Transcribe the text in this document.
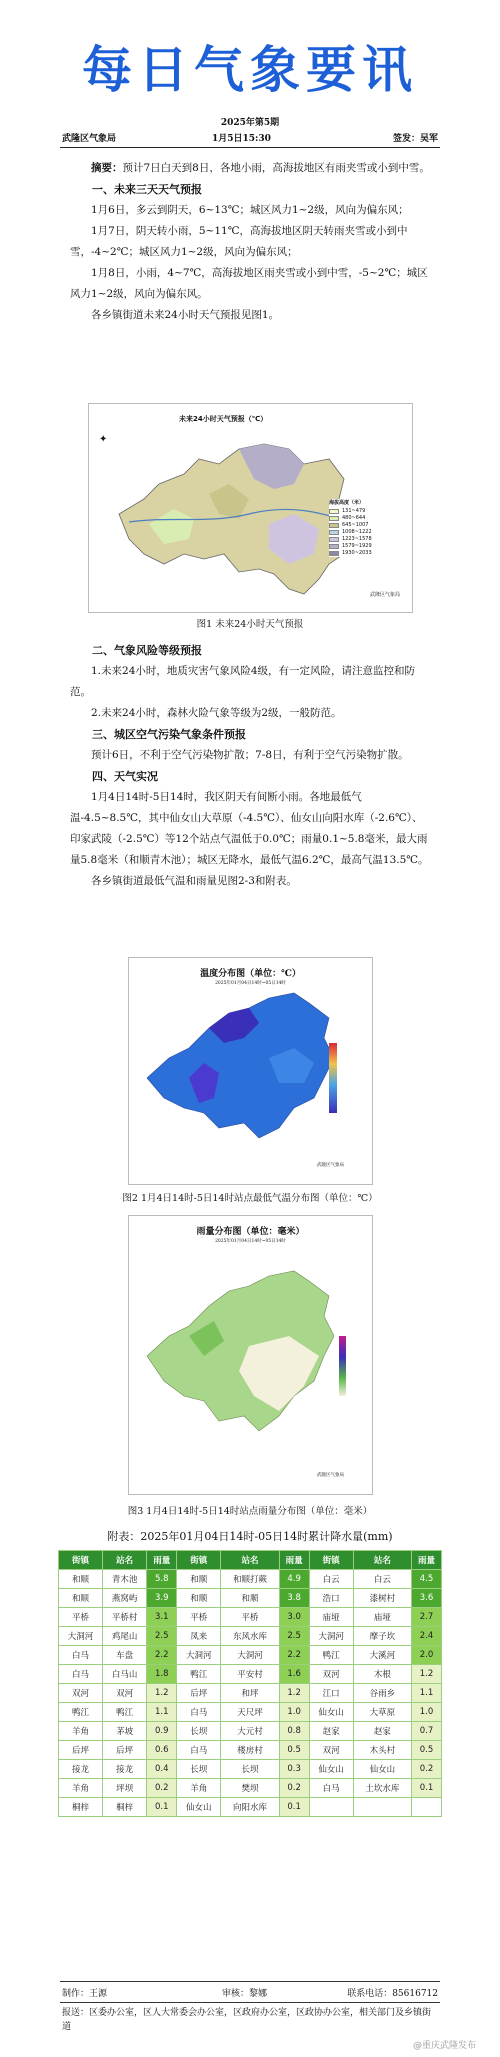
每日气象要讯
2025年第5期
武隆区气象局	1月5日15:30	签发：吴军

摘要：预计7日白天到8日，各地小雨，高海拔地区有雨夹雪或小到中雪。

一、未来三天天气预报

1月6日，多云到阴天，6~13℃；城区风力1~2级，风向为偏东风；

1月7日，阴天转小雨，5~11℃，高海拔地区阴天转雨夹雪或小到中雪，-4~2℃；城区风力1~2级，风向为偏东风；

1月8日，小雨，4~7℃，高海拔地区雨夹雪或小到中雪，-5~2℃；城区风力1~2级，风向为偏东风。

各乡镇街道未来24小时天气预报见图1。

未来24小时天气预报（℃）
✦
海拔高度（米）
131~479
480~644
645~1007
1008~1222
1223~1578
1579~1929
1930~2033
武隆区气象局
图1 未来24小时天气预报

二、气象风险等级预报

1.未来24小时，地质灾害气象风险4级，有一定风险，请注意监控和防范。

2.未来24小时，森林火险气象等级为2级，一般防范。

三、城区空气污染气象条件预报

预计6日，不利于空气污染物扩散；7-8日，有利于空气污染物扩散。

四、天气实况

1月4日14时-5日14时，我区阴天有间断小雨。各地最低气温-4.5~8.5℃，其中仙女山大草原（-4.5℃）、仙女山向阳水库（-2.6℃）、印家武陵（-2.5℃）等12个站点气温低于0.0℃；雨量0.1~5.8毫米，最大雨量5.8毫米（和顺青木池）；城区无降水，最低气温6.2℃，最高气温13.5℃。

各乡镇街道最低气温和雨量见图2-3和附表。

温度分布图（单位：℃）
2025年01月04日14时~05日14时
武隆区气象局
图2 1月4日14时-5日14时站点最低气温分布图（单位：℃）
雨量分布图（单位：毫米）
2025年01月04日14时~05日14时
武隆区气象局
图3 1月4日14时-5日14时站点雨量分布图（单位：毫米）
附表：2025年01月04日14时-05日14时累计降水量(mm)
街镇	站名	雨量	街镇	站名	雨量	街镇	站名	雨量
和顺	青木池	5.8	和顺	和顺打蕨	4.9	白云	白云	4.5
和顺	燕窝屿	3.9	和顺	和顺	3.8	浩口	漆树村	3.6
平桥	平桥村	3.1	平桥	平桥	3.0	庙垭	庙垭	2.7
大洞河	鸡尾山	2.5	凤来	东风水库	2.5	大洞河	摩子坎	2.4
白马	车盘	2.2	大洞河	大洞河	2.2	鸭江	大溪河	2.0
白马	白马山	1.8	鸭江	平安村	1.6	双河	木根	1.2
双河	双河	1.2	后坪	和坪	1.2	江口	谷雨乡	1.1
鸭江	鸭江	1.1	白马	天尺坪	1.0	仙女山	大草原	1.0
羊角	茅坡	0.9	长坝	大元村	0.8	赵家	赵家	0.7
后坪	后坪	0.6	白马	楼房村	0.5	双河	木头村	0.5
接龙	接龙	0.4	长坝	长坝	0.3	仙女山	仙女山	0.2
羊角	坪坝	0.2	羊角	樊坝	0.2	白马	土坎水库	0.1
桐梓	桐梓	0.1	仙女山	向阳水库	0.1			
制作：王源	审核：黎娜	联系电话：85616712
报送：区委办公室，区人大常委会办公室，区政府办公室，区政协办公室，相关部门及乡镇街道
@重庆武隆发布
